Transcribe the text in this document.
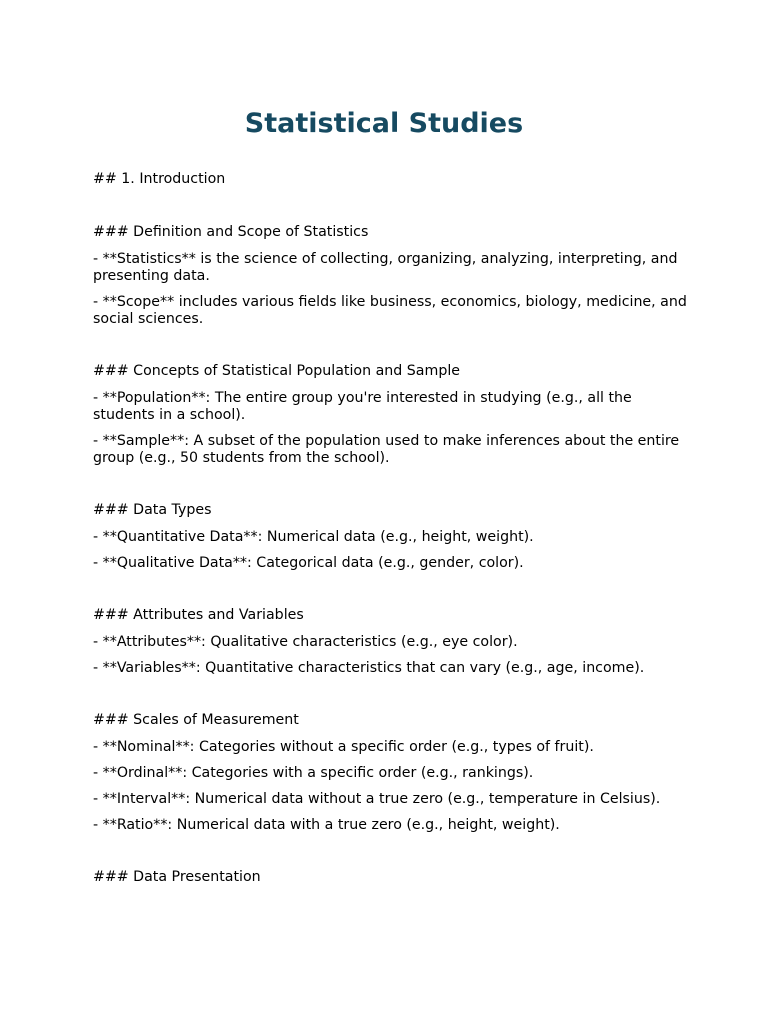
Statistical Studies
## 1. Introduction
### Definition and Scope of Statistics
- **Statistics** is the science of collecting, organizing, analyzing, interpreting, and presenting data.
- **Scope** includes various fields like business, economics, biology, medicine, and social sciences.
### Concepts of Statistical Population and Sample
- **Population**: The entire group you're interested in studying (e.g., all the students in a school).
- **Sample**: A subset of the population used to make inferences about the entire group (e.g., 50 students from the school).
### Data Types
- **Quantitative Data**: Numerical data (e.g., height, weight).
- **Qualitative Data**: Categorical data (e.g., gender, color).
### Attributes and Variables
- **Attributes**: Qualitative characteristics (e.g., eye color).
- **Variables**: Quantitative characteristics that can vary (e.g., age, income).
### Scales of Measurement
- **Nominal**: Categories without a specific order (e.g., types of fruit).
- **Ordinal**: Categories with a specific order (e.g., rankings).
- **Interval**: Numerical data without a true zero (e.g., temperature in Celsius).
- **Ratio**: Numerical data with a true zero (e.g., height, weight).
### Data Presentation
